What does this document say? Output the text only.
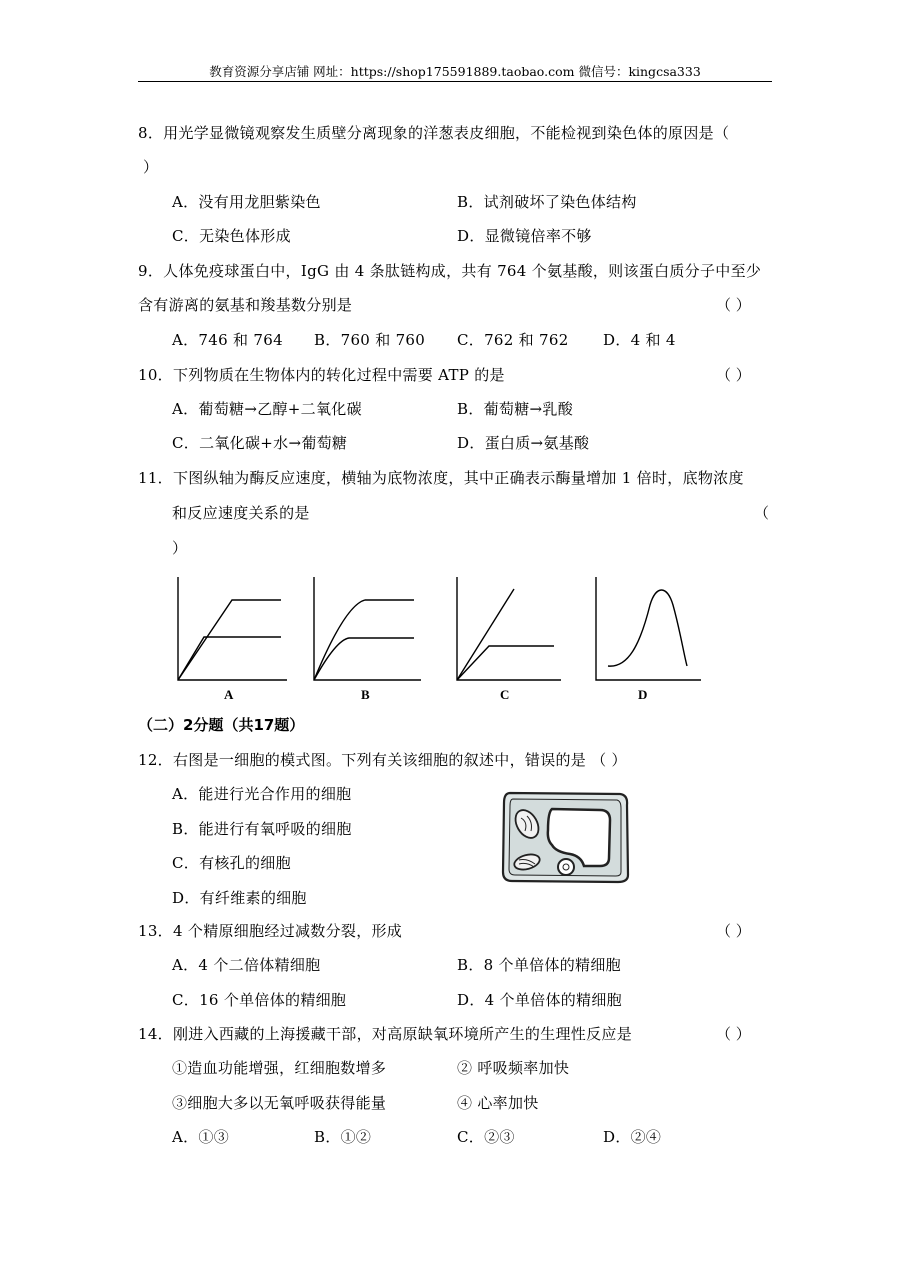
教育资源分享店铺 网址：https://shop175591889.taobao.com 微信号：kingcsa333
8．用光学显微镜观察发生质壁分离现象的洋葱表皮细胞，不能检视到染色体的原因是（
）
A．没有用龙胆紫染色	B．试剂破坏了染色体结构
C．无染色体形成	D．显微镜倍率不够
9．人体免疫球蛋白中，IgG 由 4 条肽链构成，共有 764 个氨基酸，则该蛋白质分子中至少
含有游离的氨基和羧基数分别是	（ ）
A．746 和 764 B．760 和 760 C．762 和 762 D．4 和 4
10．下列物质在生物体内的转化过程中需要 ATP 的是	（ ）
A．葡萄糖→乙醇+二氧化碳	B．葡萄糖→乳酸
C．二氧化碳+水→葡萄糖	D．蛋白质→氨基酸
11．下图纵轴为酶反应速度，横轴为底物浓度，其中正确表示酶量增加 1 倍时，底物浓度
和反应速度关系的是	（
）
A	B	C	D
（二）2分题（共17题）
12．右图是一细胞的模式图。下列有关该细胞的叙述中，错误的是 （ ）
A．能进行光合作用的细胞
B．能进行有氧呼吸的细胞
C．有核孔的细胞
D．有纤维素的细胞
13．4 个精原细胞经过减数分裂，形成	（ ）
A．4 个二倍体精细胞	B．8 个单倍体的精细胞
C．16 个单倍体的精细胞	D．4 个单倍体的精细胞
14．刚进入西藏的上海援藏干部，对高原缺氧环境所产生的生理性反应是	（ ）
①造血功能增强，红细胞数增多	② 呼吸频率加快
③细胞大多以无氧呼吸获得能量	④ 心率加快
A．①③	B．①②	C．②③	D．②④
